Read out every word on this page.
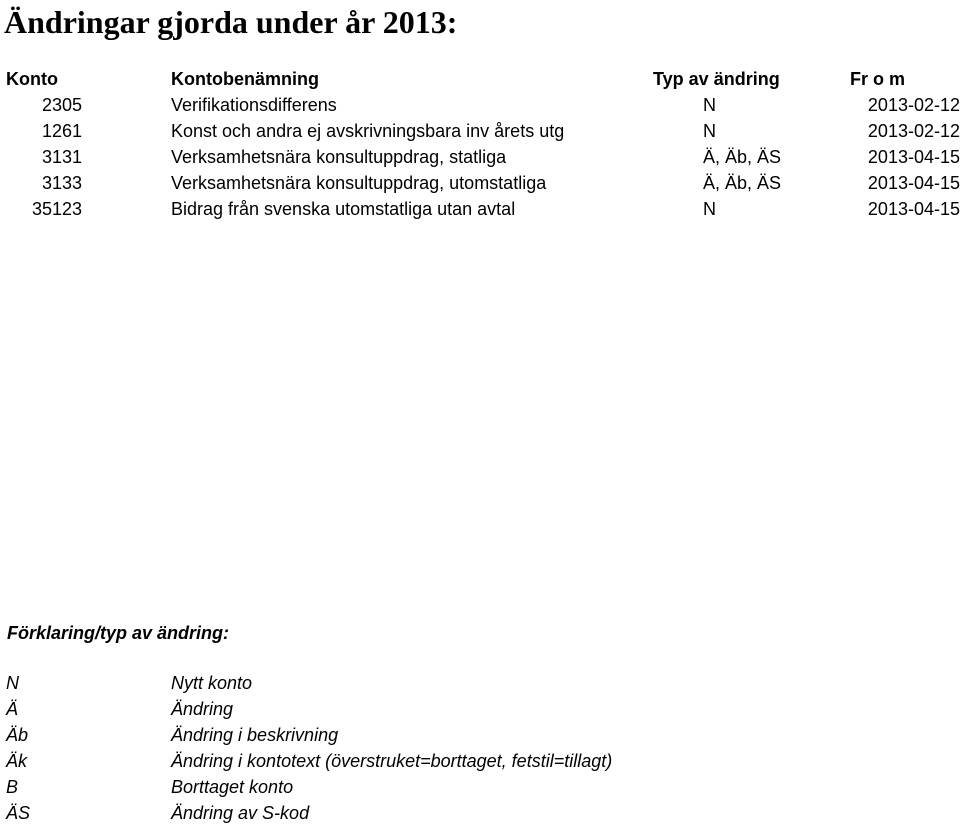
Ändringar gjorda under år 2013:
Konto	Kontobenämning	Typ av ändring	Fr o m
2305	Verifikationsdifferens	N	2013-02-12
1261	Konst och andra ej avskrivningsbara inv årets utg	N	2013-02-12
3131	Verksamhetsnära konsultuppdrag, statliga	Ä, Äb, ÄS	2013-04-15
3133	Verksamhetsnära konsultuppdrag, utomstatliga	Ä, Äb, ÄS	2013-04-15
35123	Bidrag från svenska utomstatliga utan avtal	N	2013-04-15
Förklaring/typ av ändring:
N	Nytt konto
Ä	Ändring
Äb	Ändring i beskrivning
Äk	Ändring i kontotext (överstruket=borttaget, fetstil=tillagt)
B	Borttaget konto
ÄS	Ändring av S-kod
